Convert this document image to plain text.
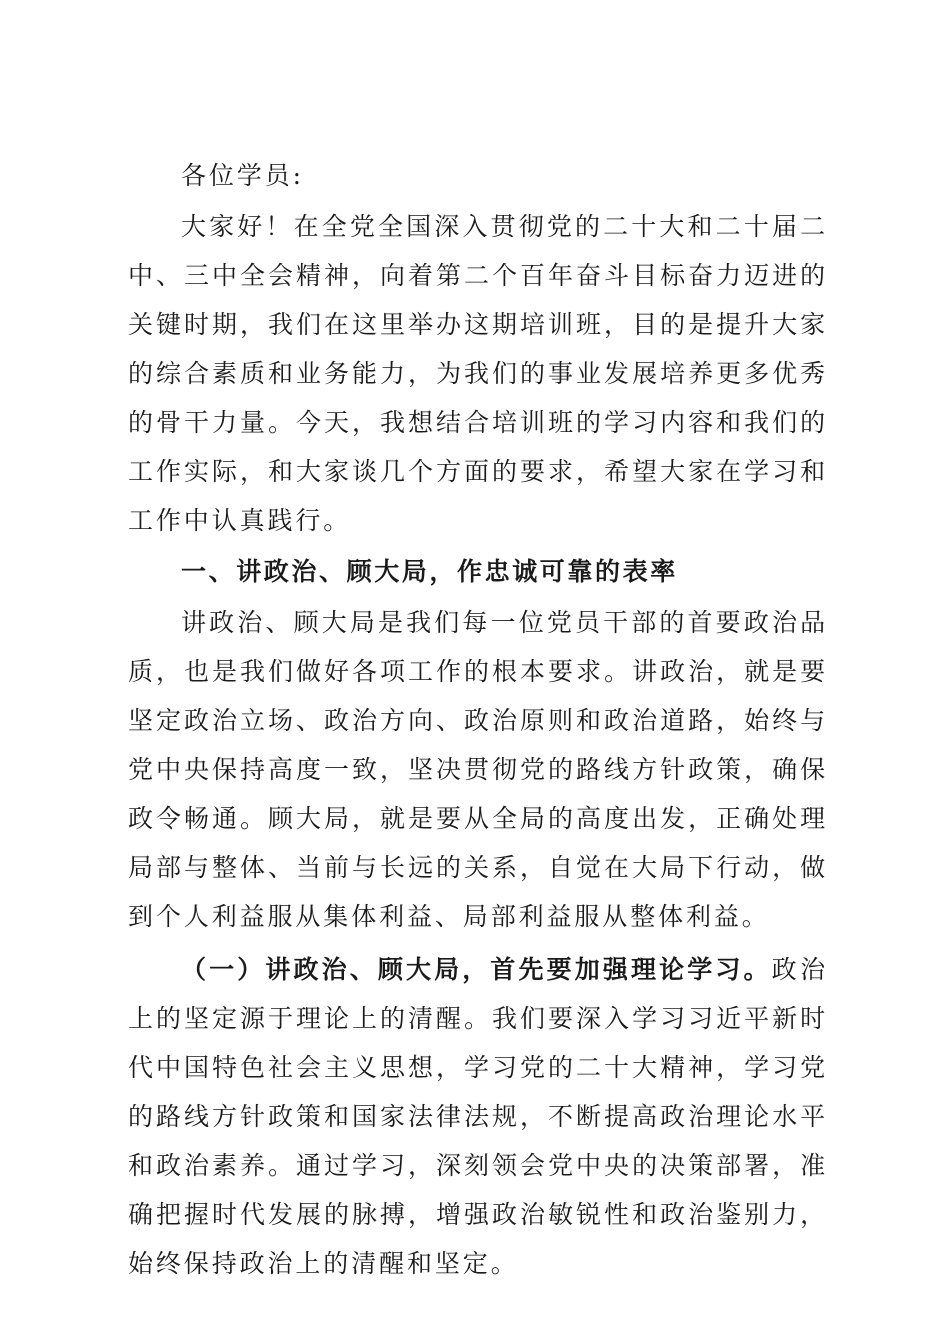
各位学员:

大家好！在全党全国深入贯彻党的二十大和二十届二中、三中全会精神，向着第二个百年奋斗目标奋力迈进的关键时期，我们在这里举办这期培训班，目的是提升大家的综合素质和业务能力，为我们的事业发展培养更多优秀的骨干力量。今天，我想结合培训班的学习内容和我们的工作实际，和大家谈几个方面的要求，希望大家在学习和工作中认真践行。

一、讲政治、顾大局，作忠诚可靠的表率

讲政治、顾大局是我们每一位党员干部的首要政治品质，也是我们做好各项工作的根本要求。讲政治，就是要坚定政治立场、政治方向、政治原则和政治道路，始终与党中央保持高度一致，坚决贯彻党的路线方针政策，确保政令畅通。顾大局，就是要从全局的高度出发，正确处理局部与整体、当前与长远的关系，自觉在大局下行动，做到个人利益服从集体利益、局部利益服从整体利益。

（一）讲政治、顾大局，首先要加强理论学习。政治上的坚定源于理论上的清醒。我们要深入学习习近平新时代中国特色社会主义思想，学习党的二十大精神，学习党的路线方针政策和国家法律法规，不断提高政治理论水平和政治素养。通过学习，深刻领会党中央的决策部署，准确把握时代发展的脉搏，增强政治敏锐性和政治鉴别力，始终保持政治上的清醒和坚定。
